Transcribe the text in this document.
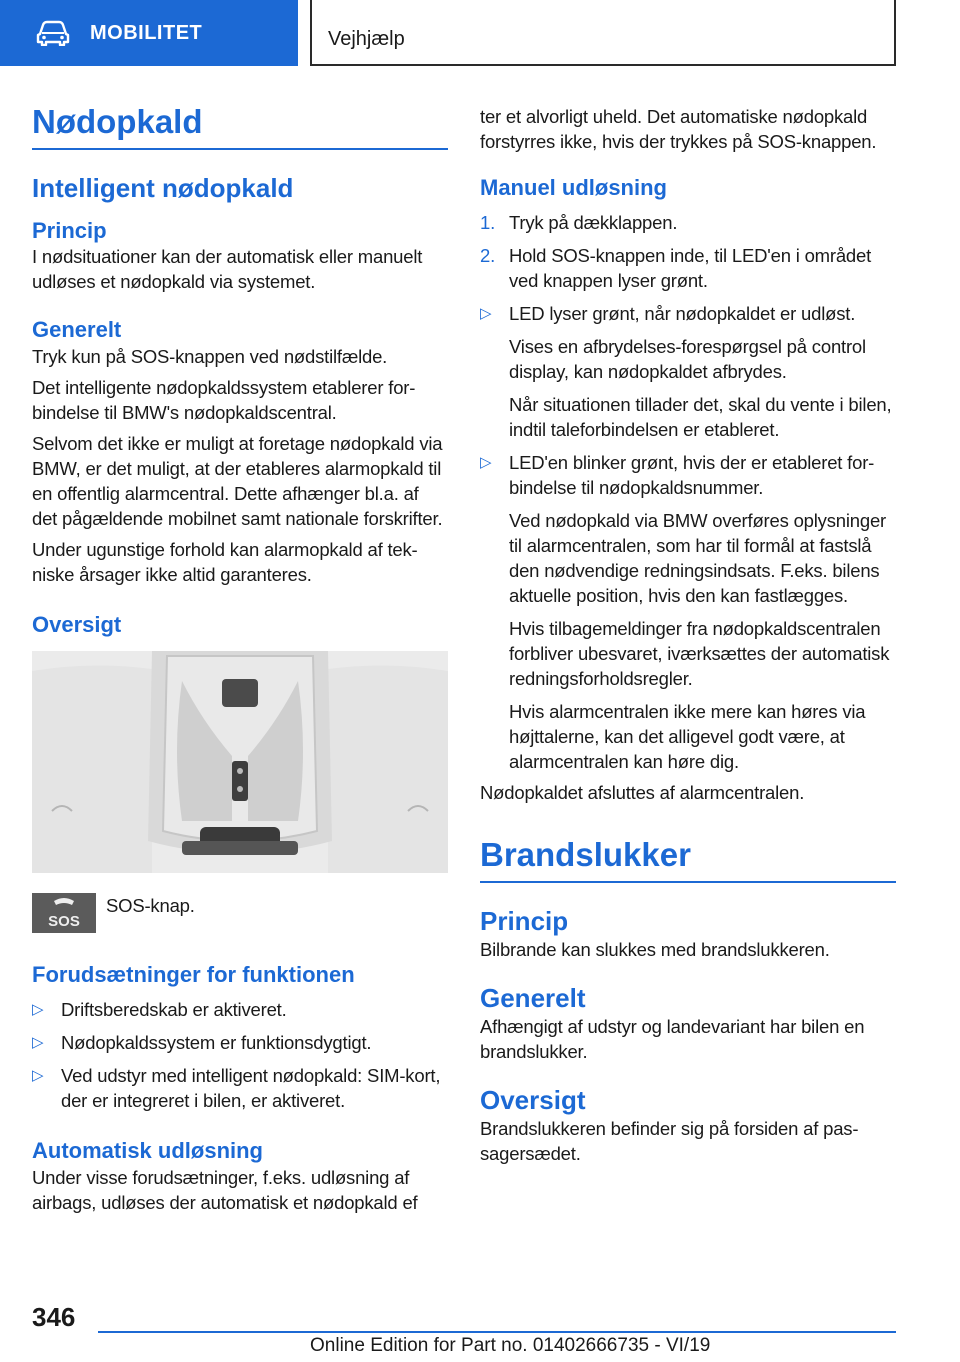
MOBILITET	Vejhjælp
Nødopkald
Intelligent nødopkald
Princip

I nødsituationer kan der automatisk eller manuelt udløses et nødopkald via systemet.

Generelt

Tryk kun på SOS-knappen ved nødstilfælde.

Det intelligente nødopkaldssystem etablerer forbindelse til BMW's nødopkaldscentral.

Selvom det ikke er muligt at foretage nødopkald via BMW, er det muligt, at der etableres alarmopkald til en offentlig alarmcentral. Dette afhænger bl.a. af det pågældende mobilnet samt nationale forskrifter.

Under ugunstige forhold kan alarmopkald af tekniske årsager ikke altid garanteres.

Oversigt
SOS

SOS-knap.

Forudsætninger for funktionen
▷ Driftsberedskab er aktiveret.
▷ Nødopkaldssystem er funktionsdygtigt.
▷ Ved udstyr med intelligent nødopkald: SIM-kort, der er integreret i bilen, er aktiveret.
Automatisk udløsning

Under visse forudsætninger, f.eks. udløsning af airbags, udløses der automatisk et nødopkald ef

ter et alvorligt uheld. Det automatiske nødopkald forstyrres ikke, hvis der trykkes på SOS-knappen.

Manuel udløsning
1. Tryk på dækklappen.
2. Hold SOS-knappen inde, til LED'en i området ved knappen lyser grønt.
▷ LED lyser grønt, når nødopkaldet er udløst.
Vises en afbrydelses-forespørgsel på control display, kan nødopkaldet afbrydes.
Når situationen tillader det, skal du vente i bilen, indtil taleforbindelsen er etableret.
▷ LED'en blinker grønt, hvis der er etableret forbindelse til nødopkaldsnummer.
Ved nødopkald via BMW overføres oplysninger til alarmcentralen, som har til formål at fastslå den nødvendige redningsindsats. F.eks. bilens aktuelle position, hvis den kan fastlægges.
Hvis tilbagemeldinger fra nødopkaldscentralen forbliver ubesvaret, iværksættes der automatisk redningsforholdsregler.
Hvis alarmcentralen ikke mere kan høres via højttalerne, kan det alligevel godt være, at alarmcentralen kan høre dig.

Nødopkaldet afsluttes af alarmcentralen.

Brandslukker
Princip

Bilbrande kan slukkes med brandslukkeren.

Generelt

Afhængigt af udstyr og landevariant har bilen en brandslukker.

Oversigt

Brandslukkeren befinder sig på forsiden af passagersædet.

346
Online Edition for Part no. 01402666735 - VI/19
